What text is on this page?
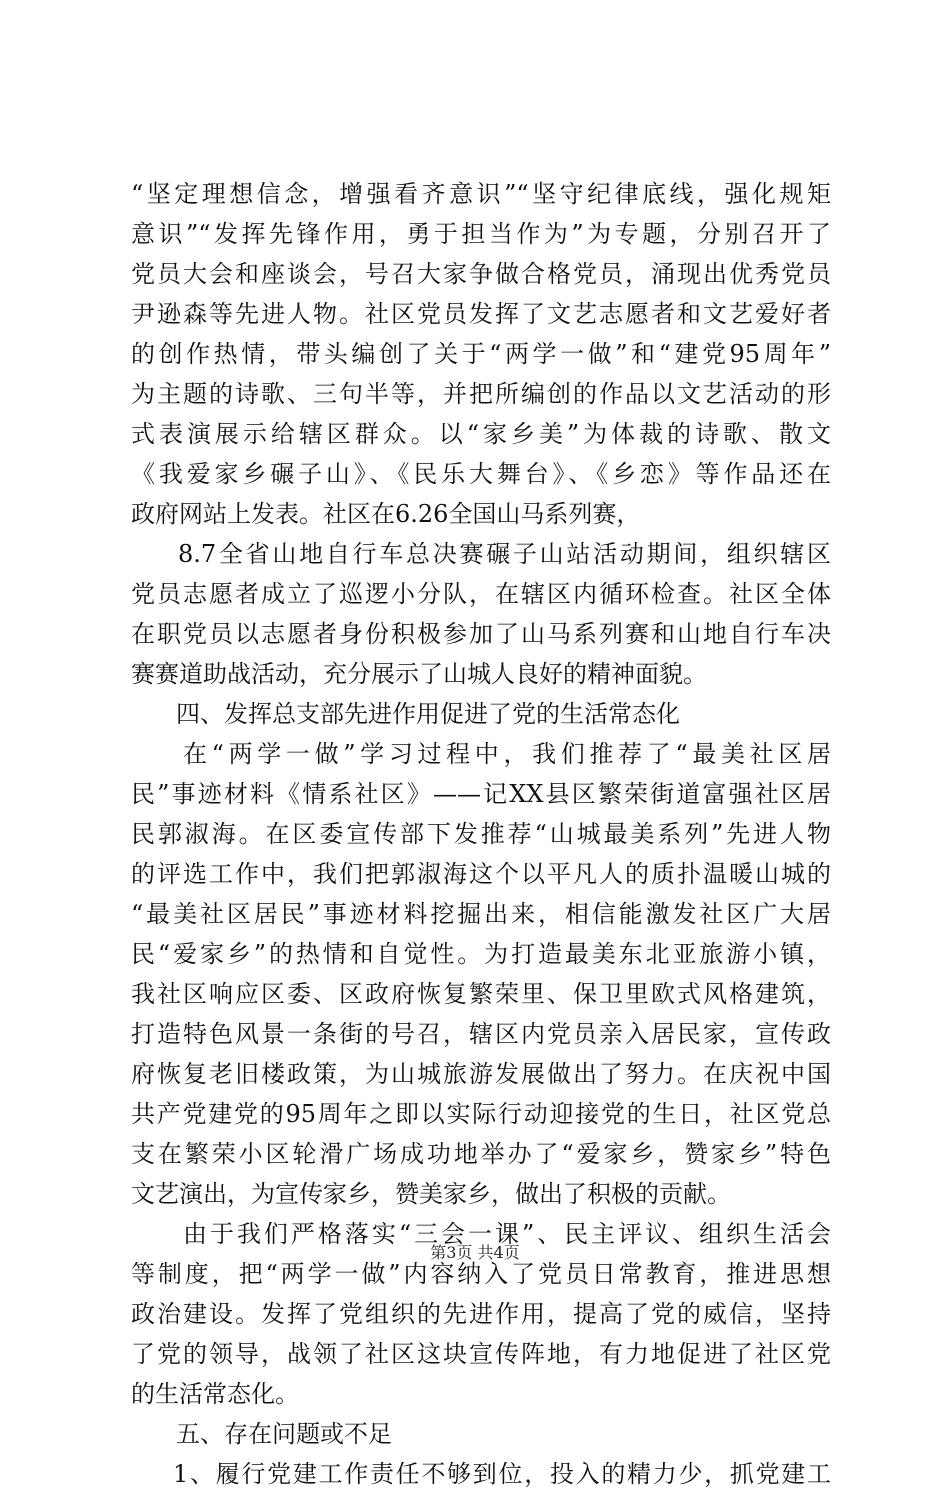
“坚定理想信念，增强看齐意识”“坚守纪律底线，强化规矩
意识”“发挥先锋作用，勇于担当作为”为专题，分别召开了
党员大会和座谈会，号召大家争做合格党员，涌现出优秀党员
尹逊森等先进人物。社区党员发挥了文艺志愿者和文艺爱好者
的创作热情，带头编创了关于“两学一做”和“建党95周年”
为主题的诗歌、三句半等，并把所编创的作品以文艺活动的形
式表演展示给辖区群众。以“家乡美”为体裁的诗歌、散文
《我爱家乡碾子山》、《民乐大舞台》、《乡恋》等作品还在
政府网站上发表。社区在6.26全国山马系列赛，
8.7全省山地自行车总决赛碾子山站活动期间，组织辖区
党员志愿者成立了巡逻小分队，在辖区内循环检查。社区全体
在职党员以志愿者身份积极参加了山马系列赛和山地自行车决
赛赛道助战活动，充分展示了山城人良好的精神面貌。
四、发挥总支部先进作用促进了党的生活常态化
在“两学一做”学习过程中，我们推荐了“最美社区居
民”事迹材料《情系社区》——记XX县区繁荣街道富强社区居
民郭淑海。在区委宣传部下发推荐“山城最美系列”先进人物
的评选工作中，我们把郭淑海这个以平凡人的质扑温暖山城的
“最美社区居民”事迹材料挖掘出来，相信能激发社区广大居
民“爱家乡”的热情和自觉性。为打造最美东北亚旅游小镇，
我社区响应区委、区政府恢复繁荣里、保卫里欧式风格建筑，
打造特色风景一条街的号召，辖区内党员亲入居民家，宣传政
府恢复老旧楼政策，为山城旅游发展做出了努力。在庆祝中国
共产党建党的95周年之即以实际行动迎接党的生日，社区党总
支在繁荣小区轮滑广场成功地举办了“爱家乡，赞家乡”特色
文艺演出，为宣传家乡，赞美家乡，做出了积极的贡献。
由于我们严格落实“三会一课”、民主评议、组织生活会
等制度，把“两学一做”内容纳入了党员日常教育，推进思想
政治建设。发挥了党组织的先进作用，提高了党的威信，坚持
了党的领导，战领了社区这块宣传阵地，有力地促进了社区党
的生活常态化。
五、存在问题或不足
1、履行党建工作责任不够到位，投入的精力少，抓党建工
第3页 共4页
